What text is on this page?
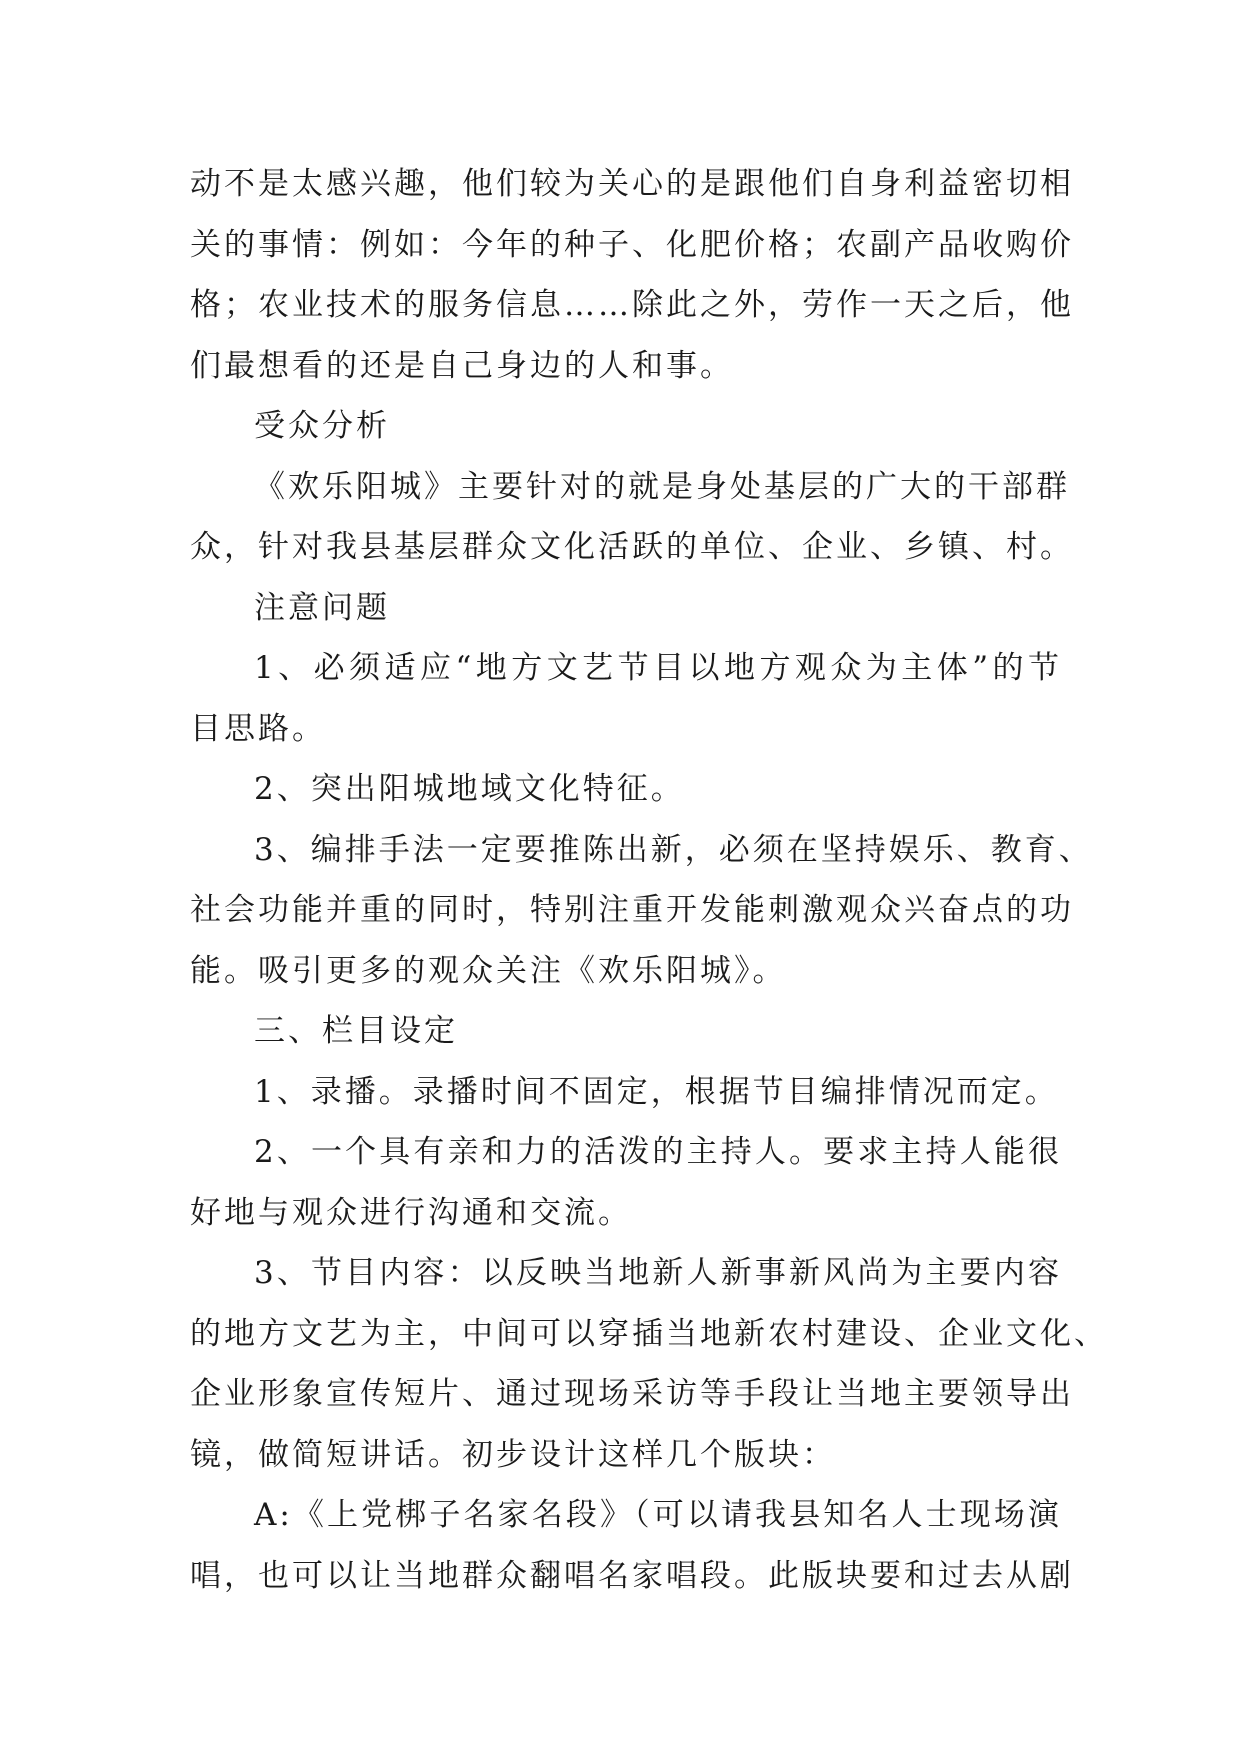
动不是太感兴趣，他们较为关心的是跟他们自身利益密切相
关的事情：例如：今年的种子、化肥价格；农副产品收购价
格；农业技术的服务信息……除此之外，劳作一天之后，他
们最想看的还是自己身边的人和事。
受众分析
《欢乐阳城》主要针对的就是身处基层的广大的干部群
众，针对我县基层群众文化活跃的单位、企业、乡镇、村。
注意问题
1、必须适应“地方文艺节目以地方观众为主体”的节
目思路。
2、突出阳城地域文化特征。
3、编排手法一定要推陈出新，必须在坚持娱乐、教育、
社会功能并重的同时，特别注重开发能刺激观众兴奋点的功
能。吸引更多的观众关注《欢乐阳城》。
三、栏目设定
1、录播。录播时间不固定，根据节目编排情况而定。
2、一个具有亲和力的活泼的主持人。要求主持人能很
好地与观众进行沟通和交流。
3、节目内容：以反映当地新人新事新风尚为主要内容
的地方文艺为主，中间可以穿插当地新农村建设、企业文化、
企业形象宣传短片、通过现场采访等手段让当地主要领导出
镜，做简短讲话。初步设计这样几个版块：
A:《上党梆子名家名段》（可以请我县知名人士现场演
唱，也可以让当地群众翻唱名家唱段。此版块要和过去从剧
